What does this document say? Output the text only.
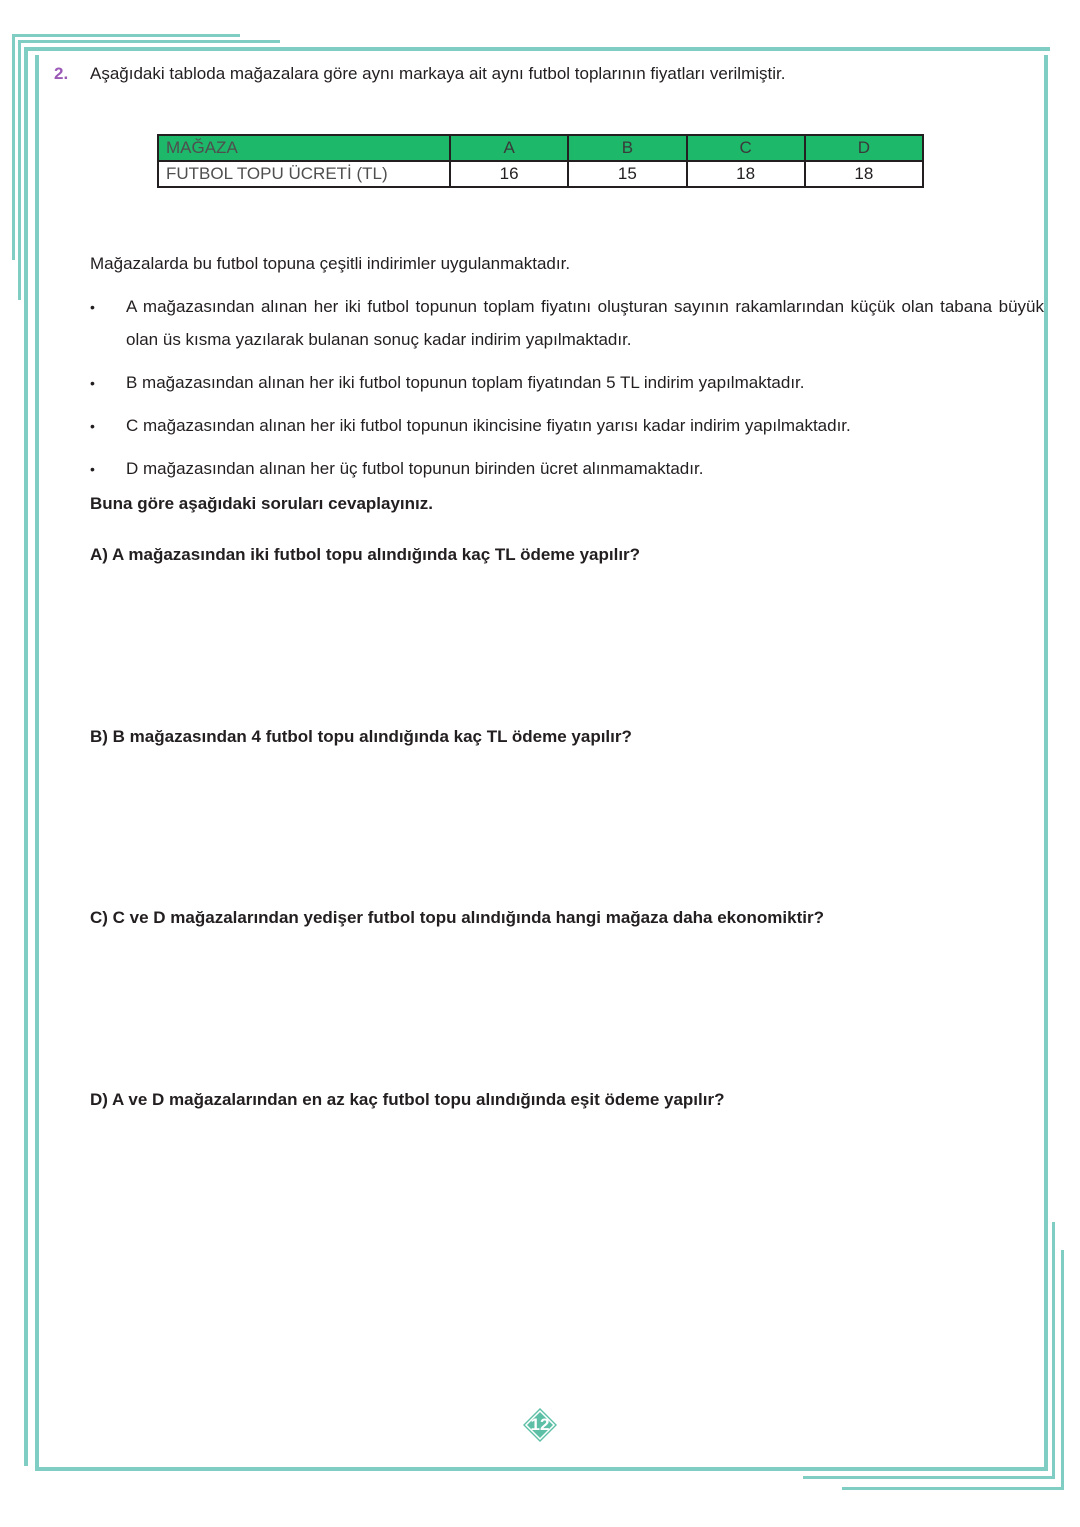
2. Aşağıdaki tabloda mağazalara göre aynı markaya ait aynı futbol toplarının fiyatları verilmiştir.
MAĞAZA	A	B	C	D
FUTBOL TOPU ÜCRETİ (TL)	16	15	18	18
Mağazalarda bu futbol topuna çeşitli indirimler uygulanmaktadır.
• A mağazasından alınan her iki futbol topunun toplam fiyatını oluşturan sayının rakamlarından küçük olan tabana büyük olan üs kısma yazılarak bulanan sonuç kadar indirim yapılmaktadır.
• B mağazasından alınan her iki futbol topunun toplam fiyatından 5 TL indirim yapılmaktadır.
• C mağazasından alınan her iki futbol topunun ikincisine fiyatın yarısı kadar indirim yapılmaktadır.
• D mağazasından alınan her üç futbol topunun birinden ücret alınmamaktadır.
Buna göre aşağıdaki soruları cevaplayınız.
A) A mağazasından iki futbol topu alındığında kaç TL ödeme yapılır?
B) B mağazasından 4 futbol topu alındığında kaç TL ödeme yapılır?
C) C ve D mağazalarından yedişer futbol topu alındığında hangi mağaza daha ekonomiktir?
D) A ve D mağazalarından en az kaç futbol topu alındığında eşit ödeme yapılır?
12
